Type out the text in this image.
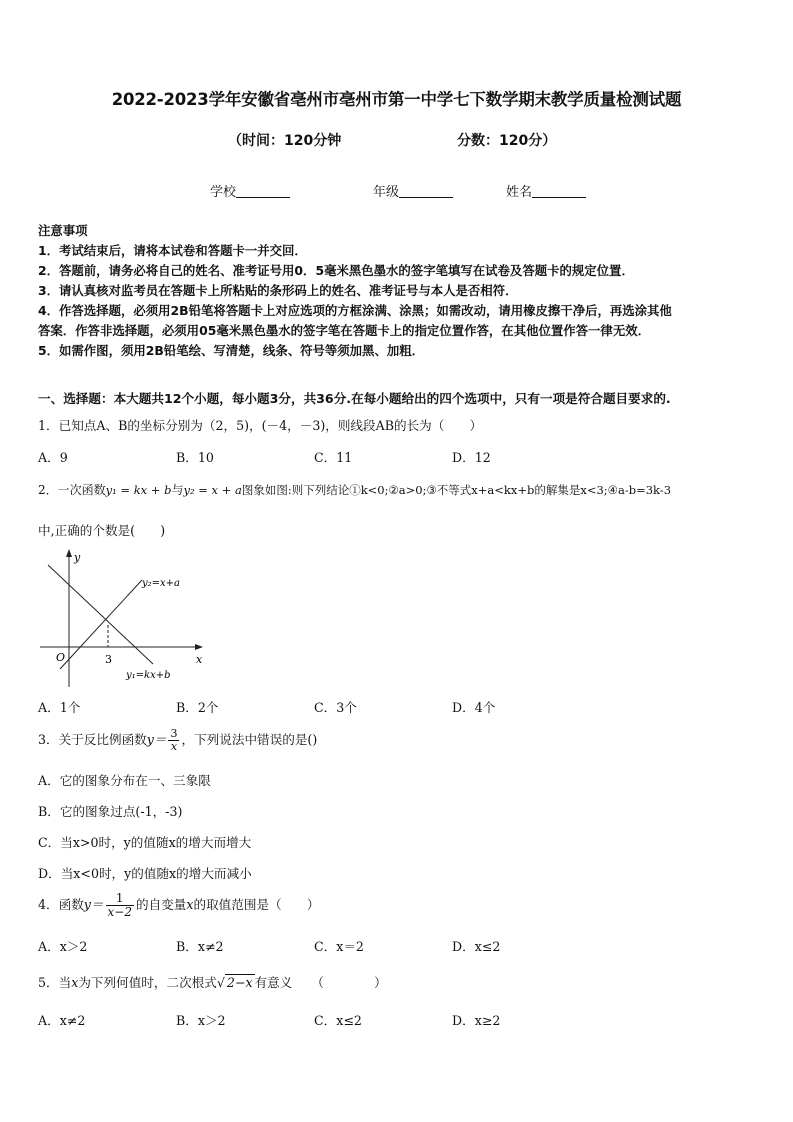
2022-2023学年安徽省亳州市亳州市第一中学七下数学期末教学质量检测试题
（时间：120分钟	分数：120分）
学校	年级	姓名
注意事项
1．考试结束后，请将本试卷和答题卡一并交回．
2．答题前，请务必将自己的姓名、准考证号用0．5毫米黑色墨水的签字笔填写在试卷及答题卡的规定位置．
3．请认真核对监考员在答题卡上所粘贴的条形码上的姓名、准考证号与本人是否相符．
4．作答选择题，必须用2B铅笔将答题卡上对应选项的方框涂满、涂黑；如需改动，请用橡皮擦干净后，再选涂其他
答案．作答非选择题，必须用05毫米黑色墨水的签字笔在答题卡上的指定位置作答，在其他位置作答一律无效．
5．如需作图，须用2B铅笔绘、写清楚，线条、符号等须加黑、加粗．
一、选择题：本大题共12个小题，每小题3分，共36分.在每小题给出的四个选项中，只有一项是符合题目要求的.
1．已知点A、B的坐标分别为（2，5)，(－4，－3)，则线段AB的长为（　　）
A．9	B．10	C．11	D．12
2．一次函数y₁ = kx + b与y₂ = x + a图象如图:则下列结论①k<0;②a>0;③不等式x+a<kx+b的解集是x<3;④a-b=3k-3
中,正确的个数是(　　)
y
x
O	3
y₂=x+a
y₁=kx+b
A．1个	B．2个	C．3个	D．4个
3．关于反比例函数$y= \frac{3}{x}$ ，下列说法中错误的是()
A．它的图象分布在一、三象限
B．它的图象过点(-1，-3)
C．当x>0时，y的值随x的增大而增大
D．当x<0时，y的值随x的增大而减小
4．函数$y= \frac{1}{x-2}$ 的自变量x的取值范围是（　　）
A．x＞2	B．x≠2	C．x＝2	D．x≤2
5．当x为下列何值时，二次根式√ 2−x 有意义　　（　　　　）
A．x≠2	B．x＞2	C．x≤2	D．x≥2
